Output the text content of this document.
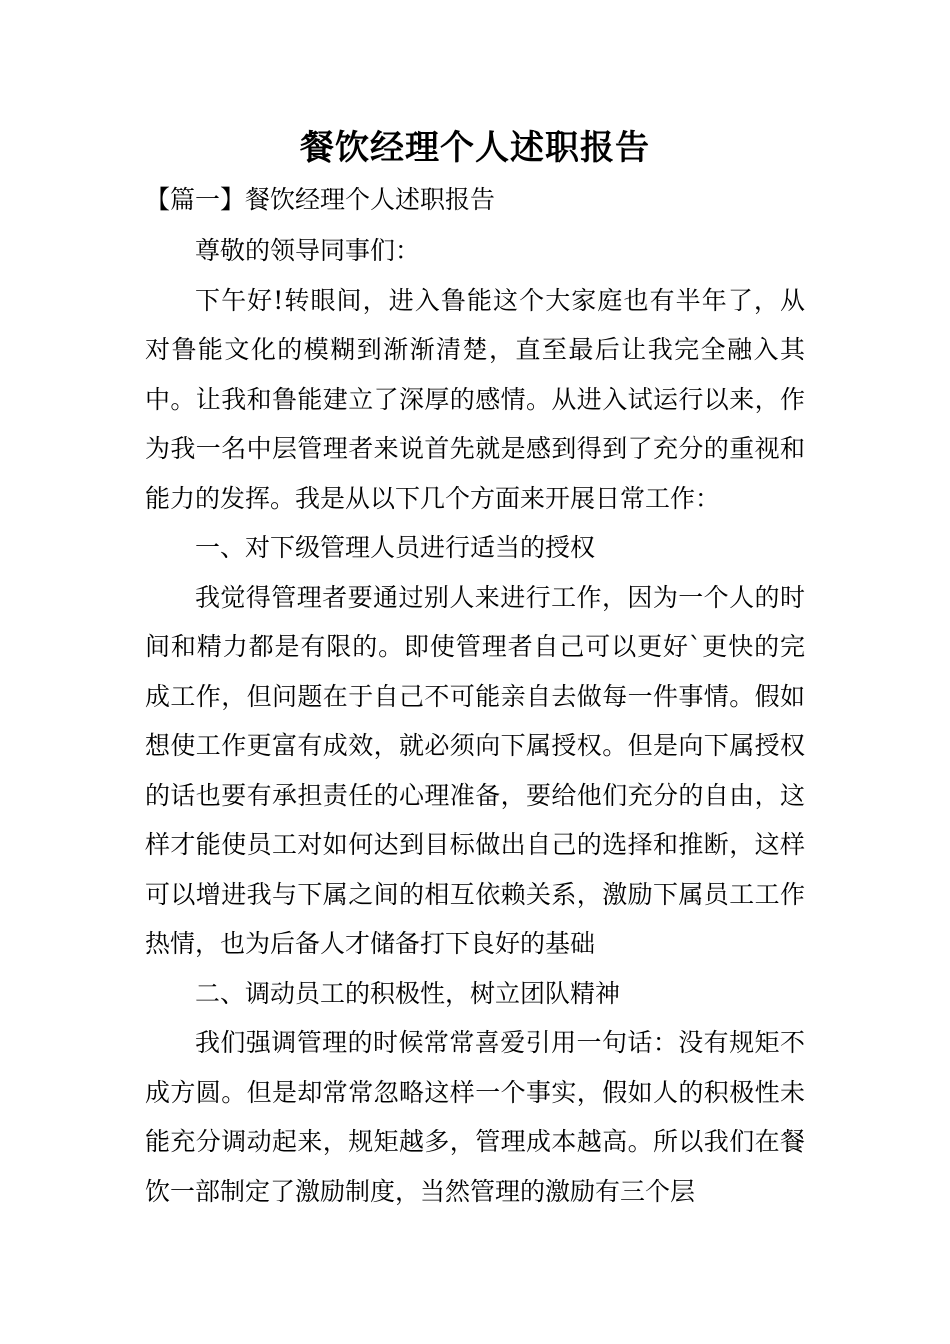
餐饮经理个人述职报告
【篇一】餐饮经理个人述职报告

尊敬的领导同事们：

下午好!转眼间，进入鲁能这个大家庭也有半年了，从对鲁能文化的模糊到渐渐清楚，直至最后让我完全融入其中。让我和鲁能建立了深厚的感情。从进入试运行以来，作为我一名中层管理者来说首先就是感到得到了充分的重视和能力的发挥。我是从以下几个方面来开展日常工作：

一、对下级管理人员进行适当的授权

我觉得管理者要通过别人来进行工作，因为一个人的时间和精力都是有限的。即使管理者自己可以更好`更快的完成工作，但问题在于自己不可能亲自去做每一件事情。假如想使工作更富有成效，就必须向下属授权。但是向下属授权的话也要有承担责任的心理准备，要给他们充分的自由，这样才能使员工对如何达到目标做出自己的选择和推断，这样可以增进我与下属之间的相互依赖关系，激励下属员工工作热情，也为后备人才储备打下良好的基础

二、调动员工的积极性，树立团队精神

我们强调管理的时候常常喜爱引用一句话：没有规矩不成方圆。但是却常常忽略这样一个事实，假如人的积极性未能充分调动起来，规矩越多，管理成本越高。所以我们在餐饮一部制定了激励制度，当然管理的激励有三个层
